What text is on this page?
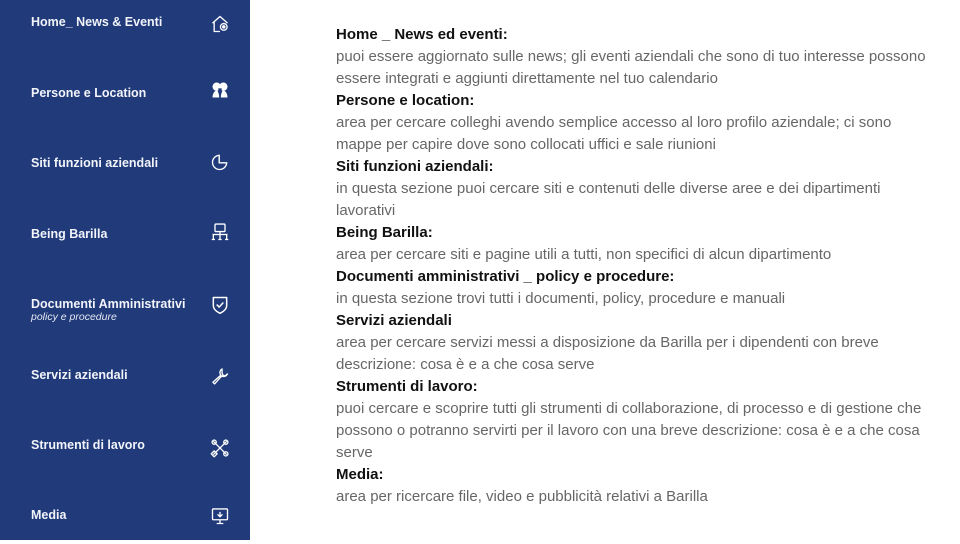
Home_ News & Eventi
Persone e Location
Siti funzioni aziendali
Being Barilla
Documenti Amministrativi
policy e procedure
Servizi aziendali
Strumenti di lavoro
Media
Home _ News ed eventi:
puoi essere aggiornato sulle news; gli eventi aziendali che sono di tuo interesse possono essere integrati e aggiunti direttamente nel tuo calendario
Persone e location:
area per cercare colleghi avendo semplice accesso al loro profilo aziendale; ci sono mappe per capire dove sono collocati uffici e sale riunioni
Siti funzioni aziendali:
in questa sezione puoi cercare siti e contenuti delle diverse aree e dei dipartimenti lavorativi
Being Barilla:
area per cercare siti e pagine utili a tutti, non specifici di alcun dipartimento
Documenti amministrativi _ policy e procedure:
in questa sezione trovi tutti i documenti, policy, procedure e manuali
Servizi aziendali
area per cercare servizi messi a disposizione da Barilla per i dipendenti con breve descrizione: cosa è e a che cosa serve
Strumenti di lavoro:
puoi cercare e scoprire tutti gli strumenti di collaborazione, di processo e di gestione che possono o potranno servirti per il lavoro con una breve descrizione: cosa è e a che cosa serve
Media:
area per ricercare file, video e pubblicità relativi a Barilla
